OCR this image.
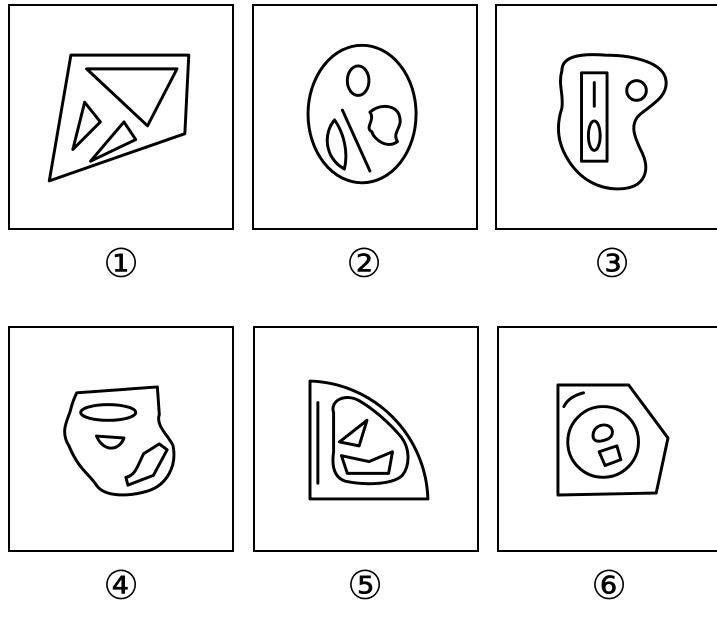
①	②	③
④	⑤	⑥
